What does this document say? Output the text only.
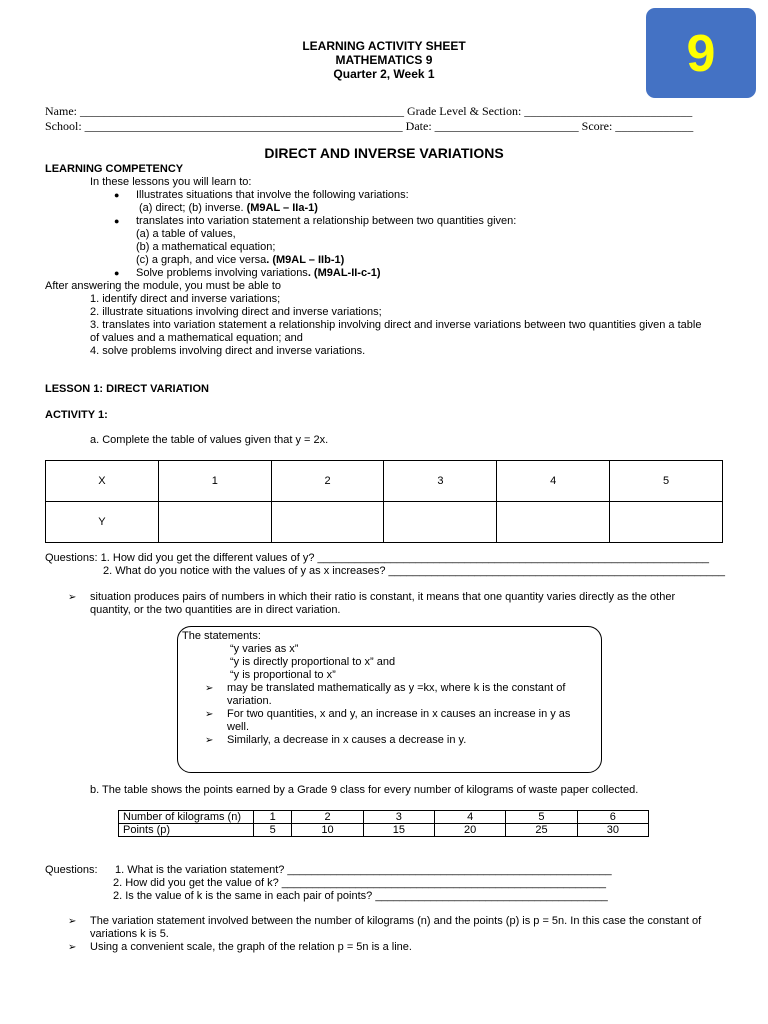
LEARNING ACTIVITY SHEET
MATHEMATICS 9
Quarter 2, Week 1	9
Name: ______________________________________________________ Grade Level & Section: ____________________________
School: _____________________________________________________ Date: ________________________ Score: _____________
DIRECT AND INVERSE VARIATIONS
LEARNING COMPETENCY
In these lessons you will learn to:
● Illustrates situations that involve the following variations:
(a) direct; (b) inverse. (M9AL – IIa-1)
● translates into variation statement a relationship between two quantities given:
(a) a table of values,
(b) a mathematical equation;
(c) a graph, and vice versa. (M9AL – IIb-1)
● Solve problems involving variations. (M9AL-II-c-1)
After answering the module, you must be able to
1. identify direct and inverse variations;
2. illustrate situations involving direct and inverse variations;
3. translates into variation statement a relationship involving direct and inverse variations between two quantities given a table
of values and a mathematical equation; and
4. solve problems involving direct and inverse variations.
LESSON 1: DIRECT VARIATION
ACTIVITY 1:
a. Complete the table of values given that y = 2x.
X	1	2	3	4	5
Y					
Questions: 1. How did you get the different values of y? ________________________________________________________________
2. What do you notice with the values of y as x increases? _______________________________________________________
➢ situation produces pairs of numbers in which their ratio is constant, it means that one quantity varies directly as the other
quantity, or the two quantities are in direct variation.
The statements:
“y varies as x”
“y is directly proportional to x” and
“y is proportional to x”
➢ may be translated mathematically as y =kx, where k is the constant of
variation.
➢ For two quantities, x and y, an increase in x causes an increase in y as
well.
➢ Similarly, a decrease in x causes a decrease in y.
b. The table shows the points earned by a Grade 9 class for every number of kilograms of waste paper collected.
Number of kilograms (n)	1	2	3	4	5	6
Points (p)	5	10	15	20	25	30
Questions: 1. What is the variation statement? _____________________________________________________
2. How did you get the value of k? _____________________________________________________
2. Is the value of k is the same in each pair of points? ______________________________________
➢ The variation statement involved between the number of kilograms (n) and the points (p) is p = 5n. In this case the constant of
variations k is 5.
➢ Using a convenient scale, the graph of the relation p = 5n is a line.
